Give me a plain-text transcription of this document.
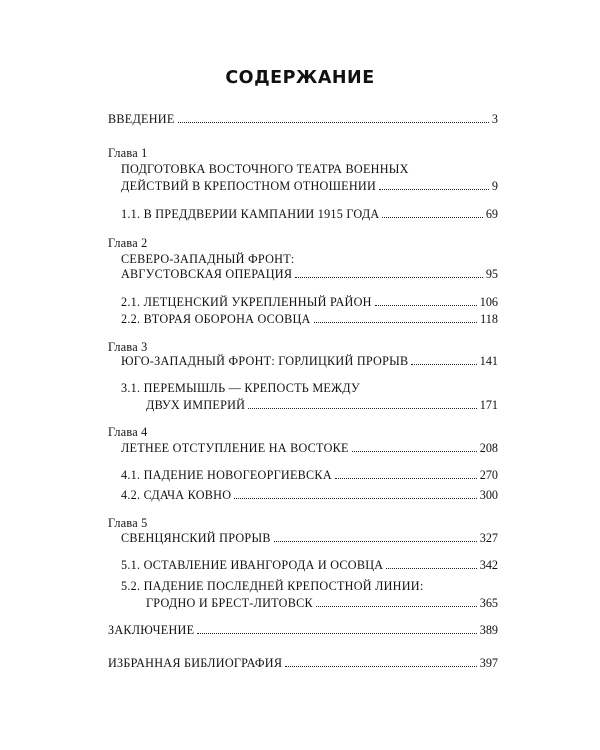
СОДЕРЖАНИЕ
ВВЕДЕНИЕ	3
Глава 1
ПОДГОТОВКА ВОСТОЧНОГО ТЕАТРА ВОЕННЫХ
ДЕЙСТВИЙ В КРЕПОСТНОМ ОТНОШЕНИИ	9
1.1. В ПРЕДДВЕРИИ КАМПАНИИ 1915 ГОДА	69
Глава 2
СЕВЕРО-ЗАПАДНЫЙ ФРОНТ:
АВГУСТОВСКАЯ ОПЕРАЦИЯ	95
2.1. ЛЕТЦЕНСКИЙ УКРЕПЛЕННЫЙ РАЙОН	106
2.2. ВТОРАЯ ОБОРОНА ОСОВЦА	118
Глава 3
ЮГО-ЗАПАДНЫЙ ФРОНТ: ГОРЛИЦКИЙ ПРОРЫВ	141
3.1. ПЕРЕМЫШЛЬ — КРЕПОСТЬ МЕЖДУ
ДВУХ ИМПЕРИЙ	171
Глава 4
ЛЕТНЕЕ ОТСТУПЛЕНИЕ НА ВОСТОКЕ	208
4.1. ПАДЕНИЕ НОВОГЕОРГИЕВСКА	270
4.2. СДАЧА КОВНО	300
Глава 5
СВЕНЦЯНСКИЙ ПРОРЫВ	327
5.1. ОСТАВЛЕНИЕ ИВАНГОРОДА И ОСОВЦА	342
5.2. ПАДЕНИЕ ПОСЛЕДНЕЙ КРЕПОСТНОЙ ЛИНИИ:
ГРОДНО И БРЕСТ-ЛИТОВСК	365
ЗАКЛЮЧЕНИЕ	389
ИЗБРАННАЯ БИБЛИОГРАФИЯ	397
